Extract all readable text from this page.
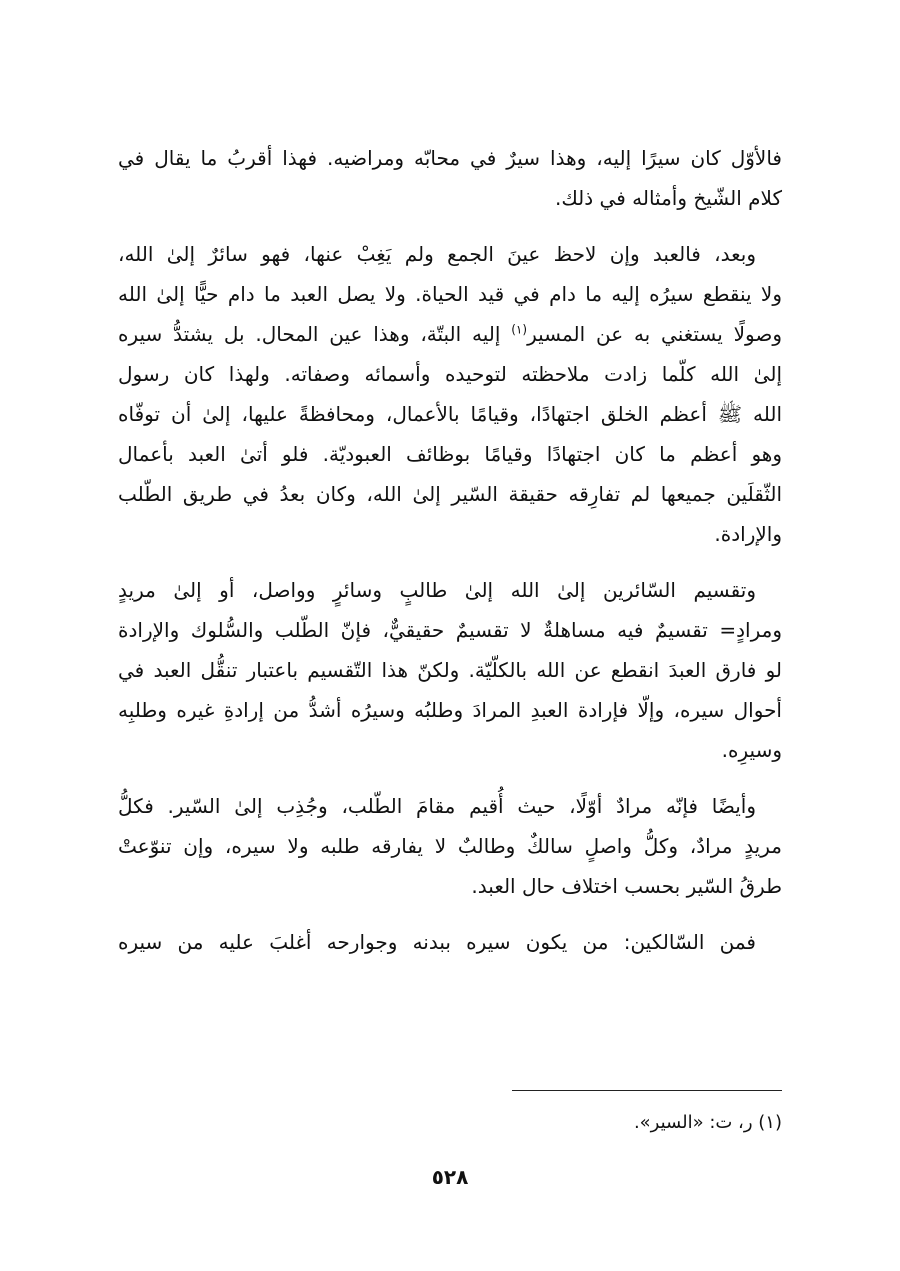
فالأوّل كان سيرًا إليه، وهذا سيرٌ في محابّه ومراضيه. فهذا أقربُ ما يقال في
كلام الشّيخ وأمثاله في ذلك.
وبعد، فالعبد وإن لاحظ عينَ الجمع ولم يَغِبْ عنها، فهو سائرٌ إلىٰ الله،
ولا ينقطع سيرُه إليه ما دام في قيد الحياة. ولا يصل العبد ما دام حيًّا إلىٰ الله
وصولًا يستغني به عن المسير$^{(١)}$ إليه البتّة، وهذا عين المحال. بل يشتدُّ سيره
إلىٰ الله كلّما زادت ملاحظته لتوحيده وأسمائه وصفاته. ولهذا كان رسول
الله ﷺ أعظم الخلق اجتهادًا، وقيامًا بالأعمال، ومحافظةً عليها، إلىٰ أن توفّاه
وهو أعظم ما كان اجتهادًا وقيامًا بوظائف العبوديّة. فلو أتىٰ العبد بأعمال
الثّقلَين جميعها لم تفارِقه حقيقة السّير إلىٰ الله، وكان بعدُ في طريق الطّلب
والإرادة.
وتقسيم السّائرين إلىٰ الله إلىٰ طالبٍ وسائرٍ وواصل، أو إلىٰ مريدٍ
ومرادٍ= تقسيمٌ فيه مساهلةٌ لا تقسيمٌ حقيقيٌّ، فإنّ الطّلب والسُّلوك والإرادة
لو فارق العبدَ انقطع عن الله بالكلّيّة. ولكنّ هذا التّقسيم باعتبار تنقُّل العبد في
أحوال سيره، وإلّا فإرادة العبدِ المرادَ وطلبُه وسيرُه أشدُّ من إرادةِ غيره وطلبِه
وسيرِه.
وأيضًا فإنّه مرادٌ أوّلًا، حيث أُقيم مقامَ الطّلب، وجُذِب إلىٰ السّير. فكلُّ
مريدٍ مرادٌ، وكلُّ واصلٍ سالكٌ وطالبٌ لا يفارقه طلبه ولا سيره، وإن تنوّعتْ
طرقُ السّير بحسب اختلاف حال العبد.
فمن السّالكين: من يكون سيره ببدنه وجوارحه أغلبَ عليه من سيره
(١) ر، ت: «السير».
٥٢٨
